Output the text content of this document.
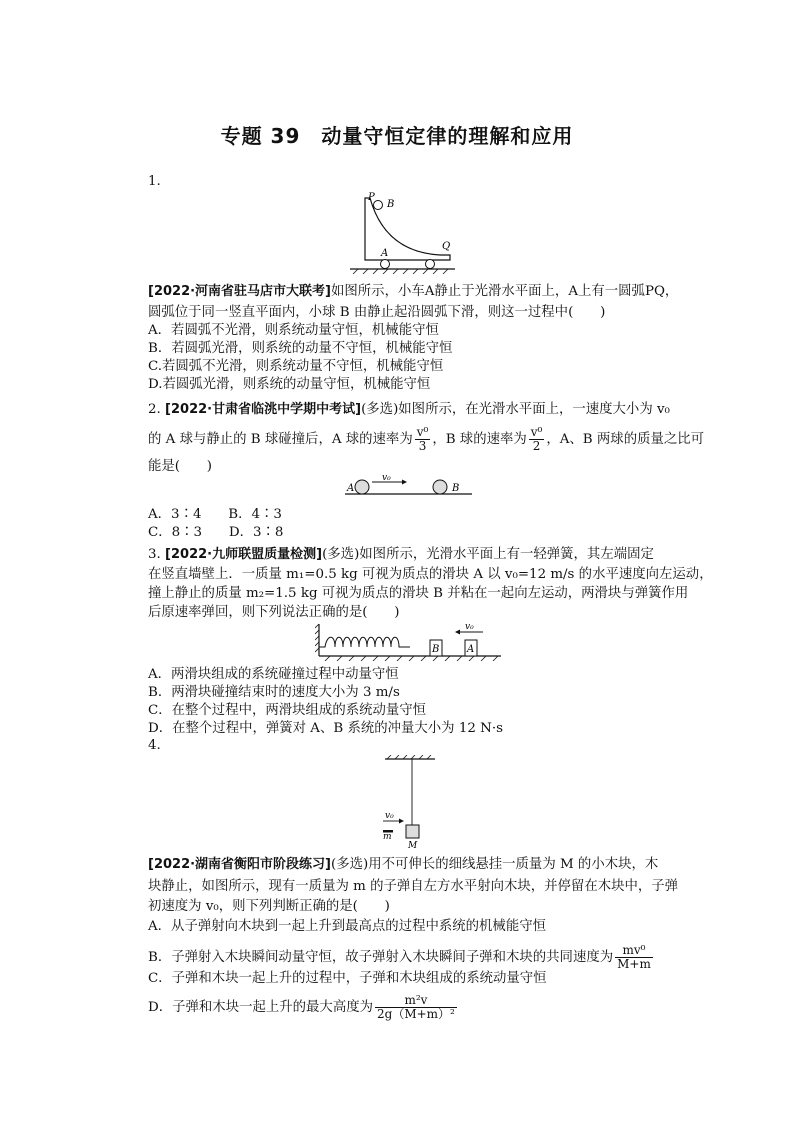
专题 39　动量守恒定律的理解和应用
1.
P
B
A
Q
[2022·河南省驻马店市大联考]如图所示，小车A静止于光滑水平面上，A上有一圆弧PQ，
圆弧位于同一竖直平面内，小球 B 由静止起沿圆弧下滑，则这一过程中(　　)
A．若圆弧不光滑，则系统动量守恒，机械能守恒
B．若圆弧光滑，则系统的动量不守恒，机械能守恒
C.若圆弧不光滑，则系统动量不守恒，机械能守恒
D.若圆弧光滑，则系统的动量守恒，机械能守恒
2. [2022·甘肃省临洮中学期中考试](多选)如图所示，在光滑水平面上，一速度大小为 v₀
的 A 球与静止的 B 球碰撞后，A 球的速率为 $\frac{\text{v⁰}}{3}$ ，B 球的速率为 $\frac{\text{v⁰}}{2}$ ，A、B 两球的质量之比可
能是(　　)
A
v₀
B
A．3∶4　　B．4∶3
C．8∶3　　D．3∶8
3. [2022·九师联盟质量检测](多选)如图所示，光滑水平面上有一轻弹簧，其左端固定
在竖直墙壁上．一质量 m₁=0.5 kg 可视为质点的滑块 A 以 v₀=12 m/s 的水平速度向左运动，
撞上静止的质量 m₂=1.5 kg 可视为质点的滑块 B 并粘在一起向左运动，两滑块与弹簧作用
后原速率弹回，则下列说法正确的是(　　)
B	A
v₀
A．两滑块组成的系统碰撞过程中动量守恒
B．两滑块碰撞结束时的速度大小为 3 m/s
C．在整个过程中，两滑块组成的系统动量守恒
D．在整个过程中，弹簧对 A、B 系统的冲量大小为 12 N·s
4.
v₀
m
M
[2022·湖南省衡阳市阶段练习](多选)用不可伸长的细线悬挂一质量为 M 的小木块，木
块静止，如图所示，现有一质量为 m 的子弹自左方水平射向木块，并停留在木块中，子弹
初速度为 v₀，则下列判断正确的是(　　)
A．从子弹射向木块到一起上升到最高点的过程中系统的机械能守恒
B．子弹射入木块瞬间动量守恒，故子弹射入木块瞬间子弹和木块的共同速度为 $\frac{\text{mv⁰}}{M+m}$
C．子弹和木块一起上升的过程中，子弹和木块组成的系统动量守恒
D．子弹和木块一起上升的最大高度为 $\frac{\text{m²v}}{\text{2g（M+m）²}}$
